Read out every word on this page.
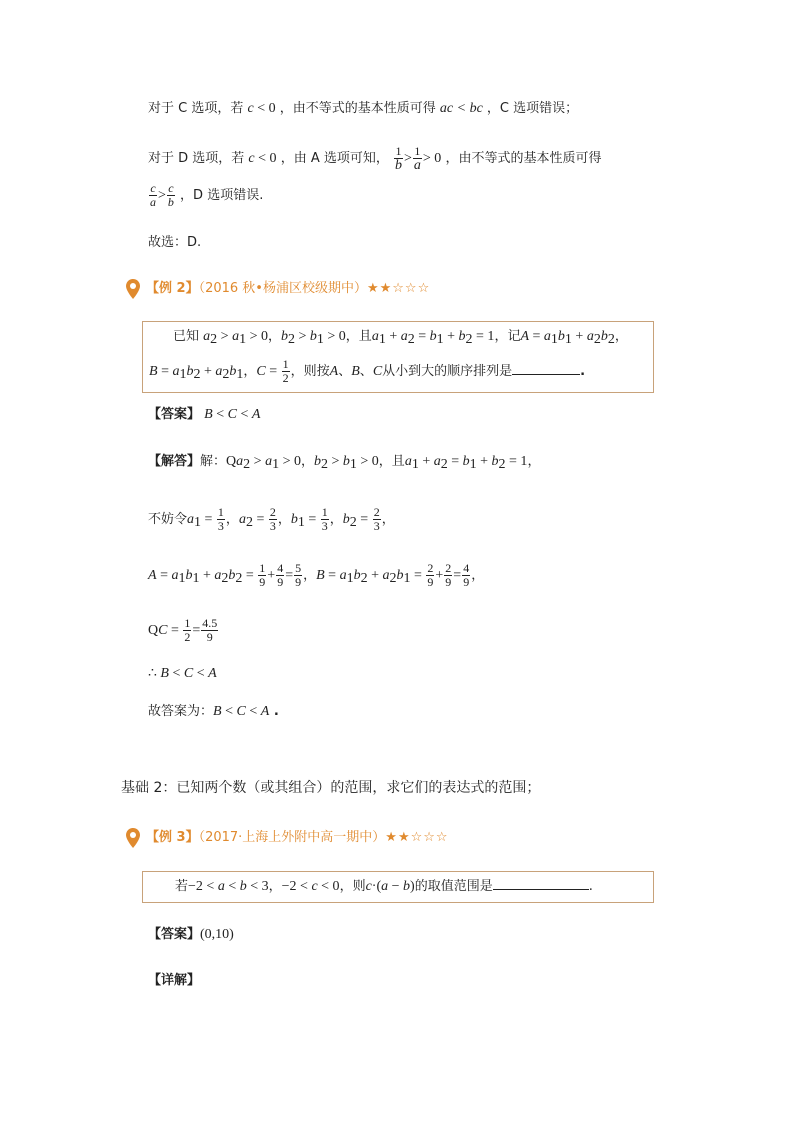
对于 C 选项，若 c < 0 ，由不等式的基本性质可得 ac < bc ，C 选项错误；
对于 D 选项，若 c < 0 ，由 A 选项可知， $\frac{1}{b} > \frac{1}{a} > 0$ ，由不等式的基本性质可得
$\frac{c}{a} > \frac{c}{b}$ ，D 选项错误.
故选：D.
【例 2】（2016 秋•杨浦区校级期中）★★☆☆☆
已知 $a_2 > a_1 > 0$，$b_2 > b_1 > 0$，且$a_1 + a_2 = b_1 + b_2 = 1$，记$A = a_1b_1 + a_2b_2$，
$B = a_1b_2 + a_2b_1$，$C = \frac{1}{2}$ ，则按A、B、C从小到大的顺序排列是	.
【答案】 B < C < A
【解答】解：$Qa_2 > a_1 > 0$，$b_2 > b_1 > 0$，且$a_1 + a_2 = b_1 + b_2 = 1$，
不妨令$a_1 = \frac{1}{3}$ ，$a_2 = \frac{2}{3}$ ，$b_1 = \frac{1}{3}$ ，$b_2 = \frac{2}{3}$ ，
$A = a_1b_1 + a_2b_2 = \frac{1}{9} + \frac{4}{9} = \frac{5}{9}$ ，$B = a_1b_2 + a_2b_1 = \frac{2}{9} + \frac{2}{9} = \frac{4}{9}$ ，
QC = $\frac{1}{2} = \frac{4.5}{9}$
∴ B < C < A
故答案为：B < C < A .
基础 2：已知两个数（或其组合）的范围，求它们的表达式的范围；
【例 3】（2017·上海上外附中高一期中）★★☆☆☆
若−2 < a < b < 3，−2 < c < 0，则c·(a − b)的取值范围是	.
【答案】(0,10)
【详解】
